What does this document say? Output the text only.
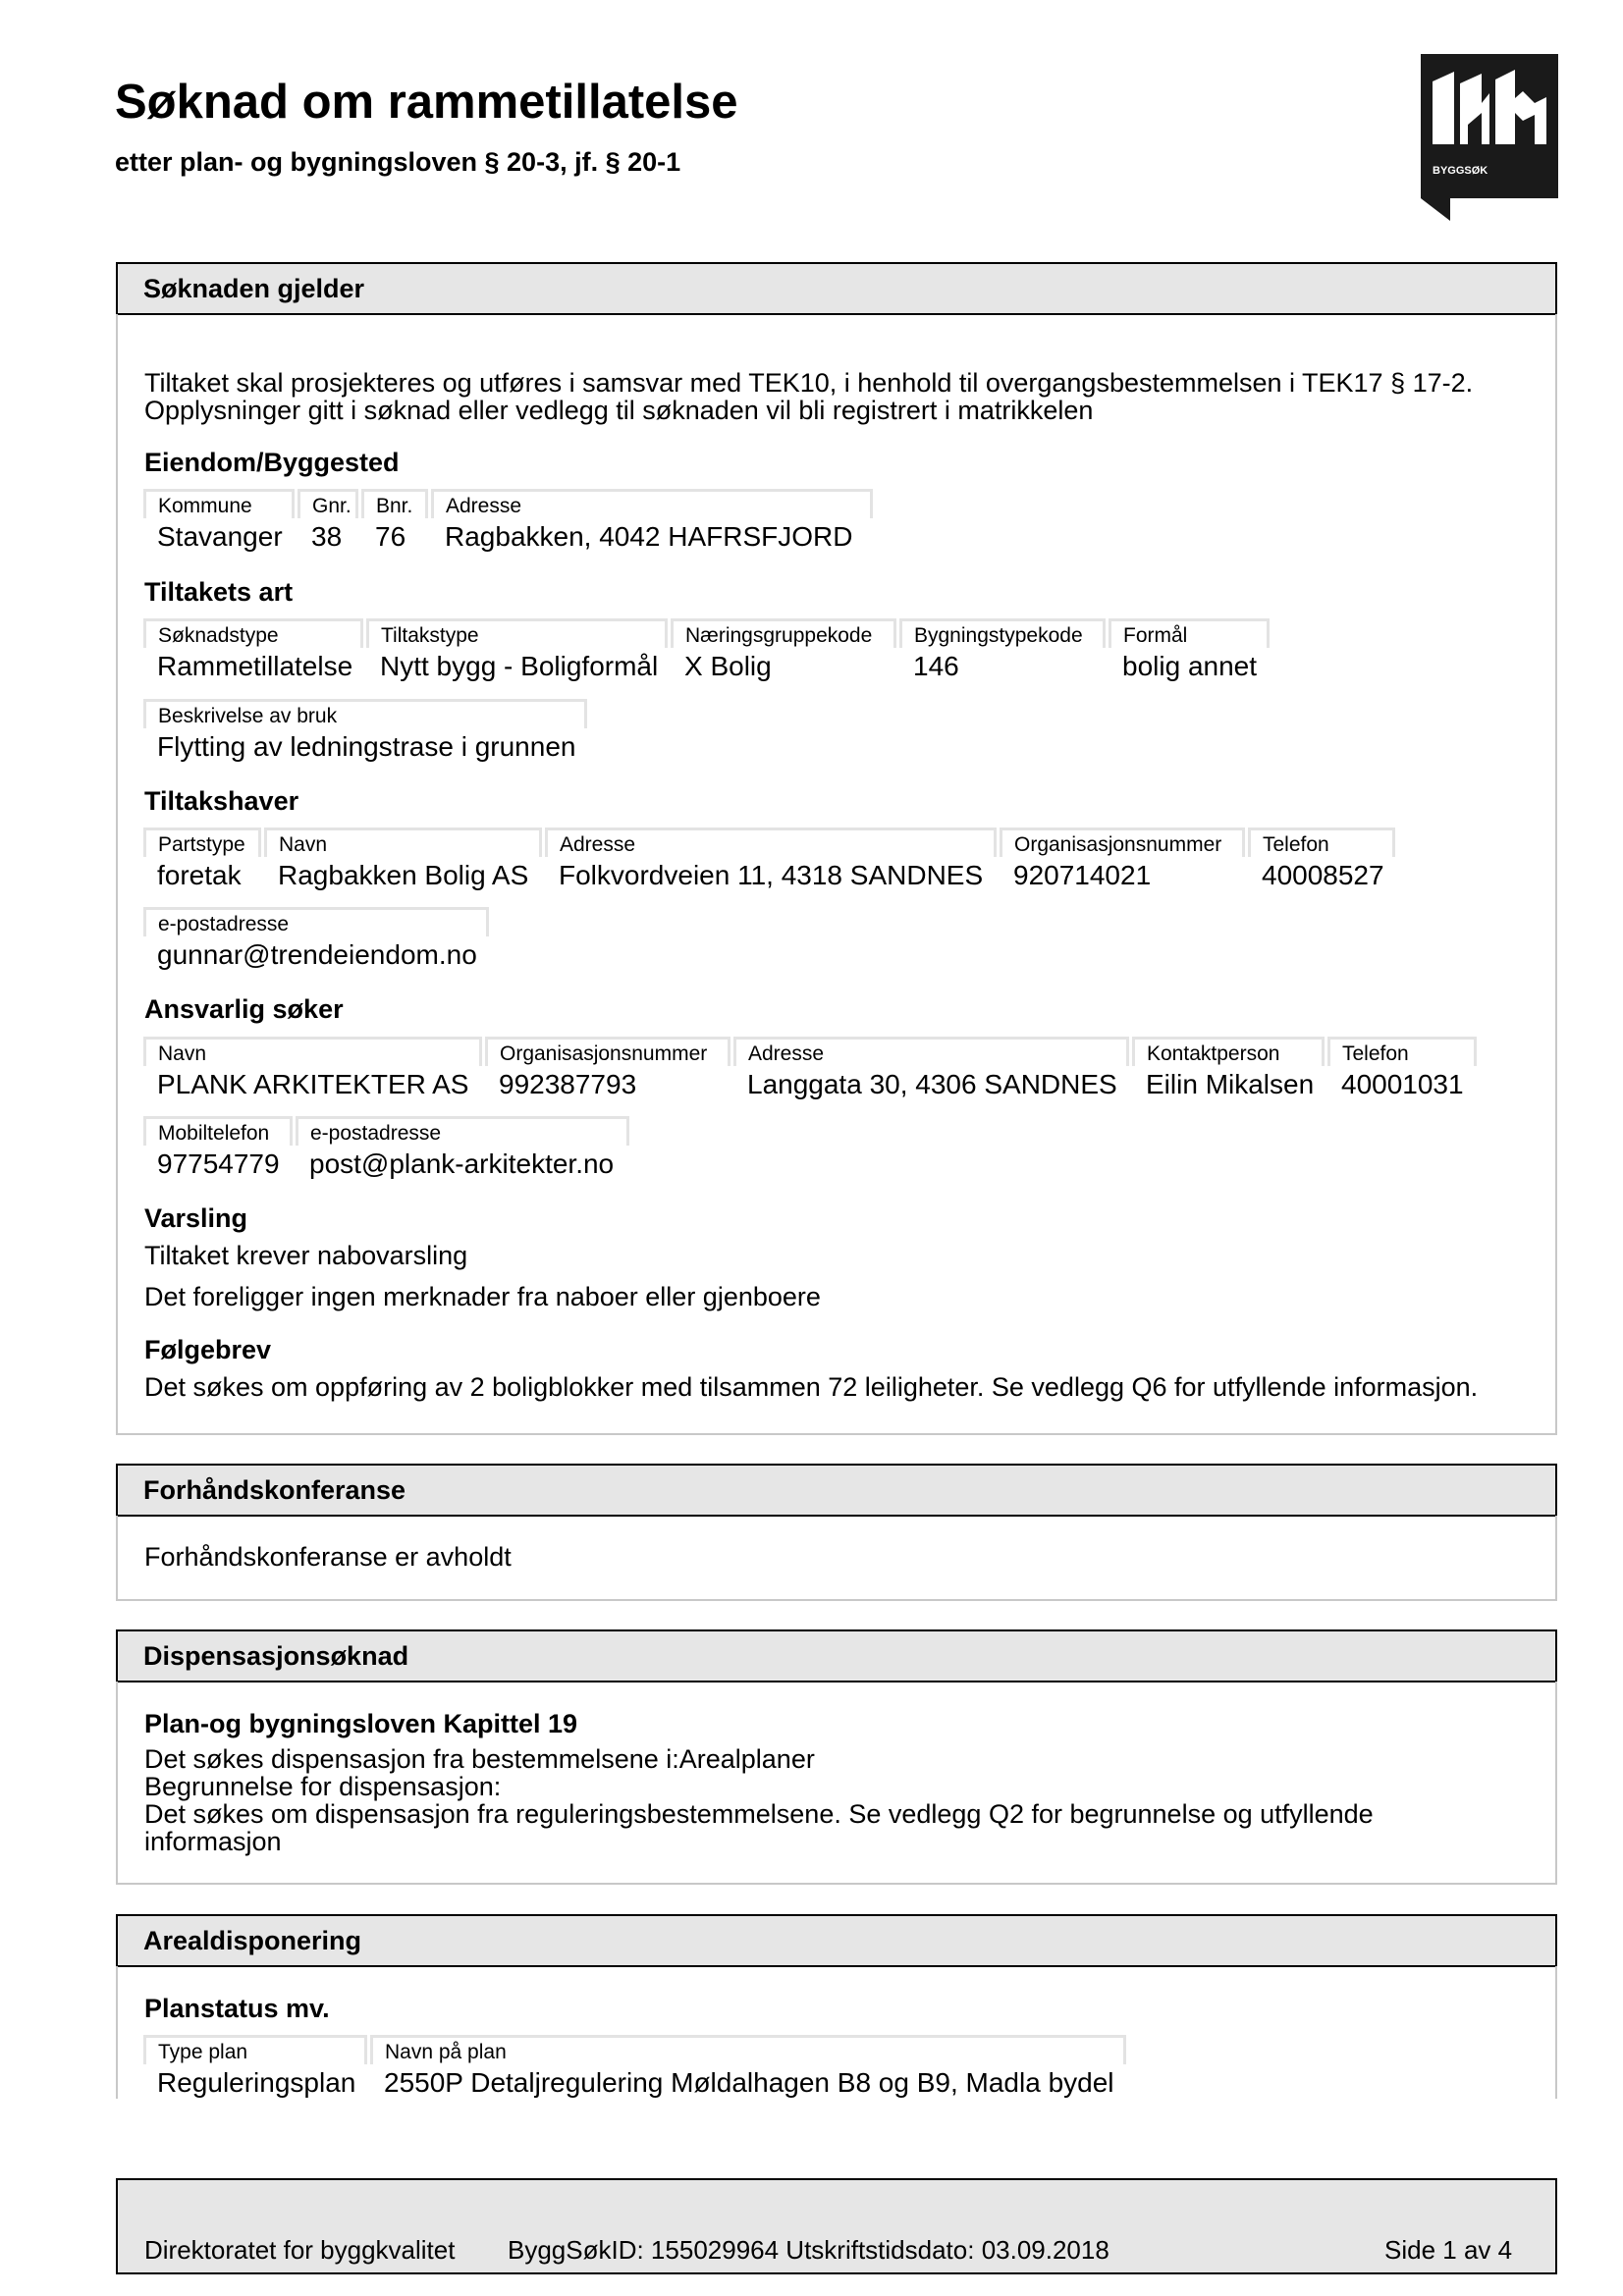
Søknad om rammetillatelse
etter plan- og bygningsloven § 20-3, jf. § 20-1	BYGGSØK
Søknaden gjelder
Tiltaket skal prosjekteres og utføres i samsvar med TEK10, i henhold til overgangsbestemmelsen i TEK17 § 17-2.
Opplysninger gitt i søknad eller vedlegg til søknaden vil bli registrert i matrikkelen
Eiendom/Byggested
Kommune
Stavanger
Gnr.
38
Bnr.
76
Adresse
Ragbakken, 4042 HAFRSFJORD
Tiltakets art
Søknadstype
Rammetillatelse
Tiltakstype
Nytt bygg - Boligformål
Næringsgruppekode
X Bolig
Bygningstypekode
146
Formål
bolig annet
Beskrivelse av bruk
Flytting av ledningstrase i grunnen
Tiltakshaver
Partstype
foretak
Navn
Ragbakken Bolig AS
Adresse
Folkvordveien 11, 4318 SANDNES
Organisasjonsnummer
920714021
Telefon
40008527
e-postadresse
gunnar@trendeiendom.no
Ansvarlig søker
Navn
PLANK ARKITEKTER AS
Organisasjonsnummer
992387793
Adresse
Langgata 30, 4306 SANDNES
Kontaktperson
Eilin Mikalsen
Telefon
40001031
Mobiltelefon
97754779
e-postadresse
post@plank-arkitekter.no
Varsling
Tiltaket krever nabovarsling
Det foreligger ingen merknader fra naboer eller gjenboere
Følgebrev
Det søkes om oppføring av 2 boligblokker med tilsammen 72 leiligheter. Se vedlegg Q6 for utfyllende informasjon.
Forhåndskonferanse
Forhåndskonferanse er avholdt
Dispensasjonsøknad
Plan-og bygningsloven Kapittel 19
Det søkes dispensasjon fra bestemmelsene i:Arealplaner
Begrunnelse for dispensasjon:
Det søkes om dispensasjon fra reguleringsbestemmelsene. Se vedlegg Q2 for begrunnelse og utfyllende
informasjon
Arealdisponering
Planstatus mv.
Type plan
Reguleringsplan
Navn på plan
2550P Detaljregulering Møldalhagen B8 og B9, Madla bydel
Direktoratet for byggkvalitet ByggSøkID: 155029964 Utskriftstidsdato: 03.09.2018	Side 1 av 4
